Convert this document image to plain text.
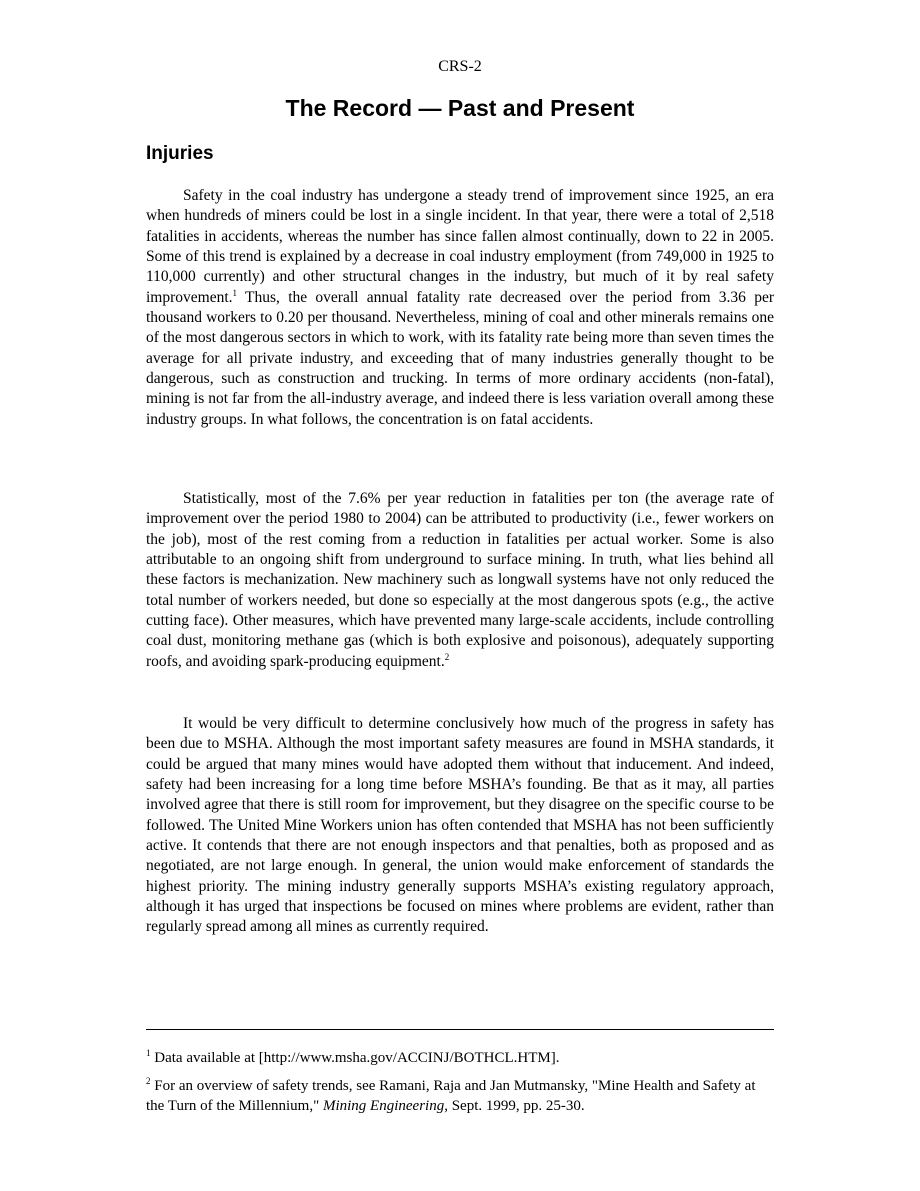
CRS-2
The Record — Past and Present
Injuries

Safety in the coal industry has undergone a steady trend of improvement since 1925, an era when hundreds of miners could be lost in a single incident. In that year, there were a total of 2,518 fatalities in accidents, whereas the number has since fallen almost continually, down to 22 in 2005. Some of this trend is explained by a decrease in coal industry employment (from 749,000 in 1925 to 110,000 currently) and other structural changes in the industry, but much of it by real safety improvement.$^1$ Thus, the overall annual fatality rate decreased over the period from 3.36 per thousand workers to 0.20 per thousand. Nevertheless, mining of coal and other minerals remains one of the most dangerous sectors in which to work, with its fatality rate being more than seven times the average for all private industry, and exceeding that of many industries generally thought to be dangerous, such as construction and trucking. In terms of more ordinary accidents (non-fatal), mining is not far from the all-industry average, and indeed there is less variation overall among these industry groups. In what follows, the concentration is on fatal accidents.

Statistically, most of the 7.6% per year reduction in fatalities per ton (the average rate of improvement over the period 1980 to 2004) can be attributed to productivity (i.e., fewer workers on the job), most of the rest coming from a reduction in fatalities per actual worker. Some is also attributable to an ongoing shift from underground to surface mining. In truth, what lies behind all these factors is mechanization. New machinery such as longwall systems have not only reduced the total number of workers needed, but done so especially at the most dangerous spots (e.g., the active cutting face). Other measures, which have prevented many large-scale accidents, include controlling coal dust, monitoring methane gas (which is both explosive and poisonous), adequately supporting roofs, and avoiding spark-producing equipment.$^2$

It would be very difficult to determine conclusively how much of the progress in safety has been due to MSHA. Although the most important safety measures are found in MSHA standards, it could be argued that many mines would have adopted them without that inducement. And indeed, safety had been increasing for a long time before MSHA’s founding. Be that as it may, all parties involved agree that there is still room for improvement, but they disagree on the specific course to be followed. The United Mine Workers union has often contended that MSHA has not been sufficiently active. It contends that there are not enough inspectors and that penalties, both as proposed and as negotiated, are not large enough. In general, the union would make enforcement of standards the highest priority. The mining industry generally supports MSHA’s existing regulatory approach, although it has urged that inspections be focused on mines where problems are evident, rather than regularly spread among all mines as currently required.

$^1$ Data available at [http://www.msha.gov/ACCINJ/BOTHCL.HTM].

$^2$ For an overview of safety trends, see Ramani, Raja and Jan Mutmansky, "Mine Health and Safety at the Turn of the Millennium," Mining Engineering, Sept. 1999, pp. 25-30.
